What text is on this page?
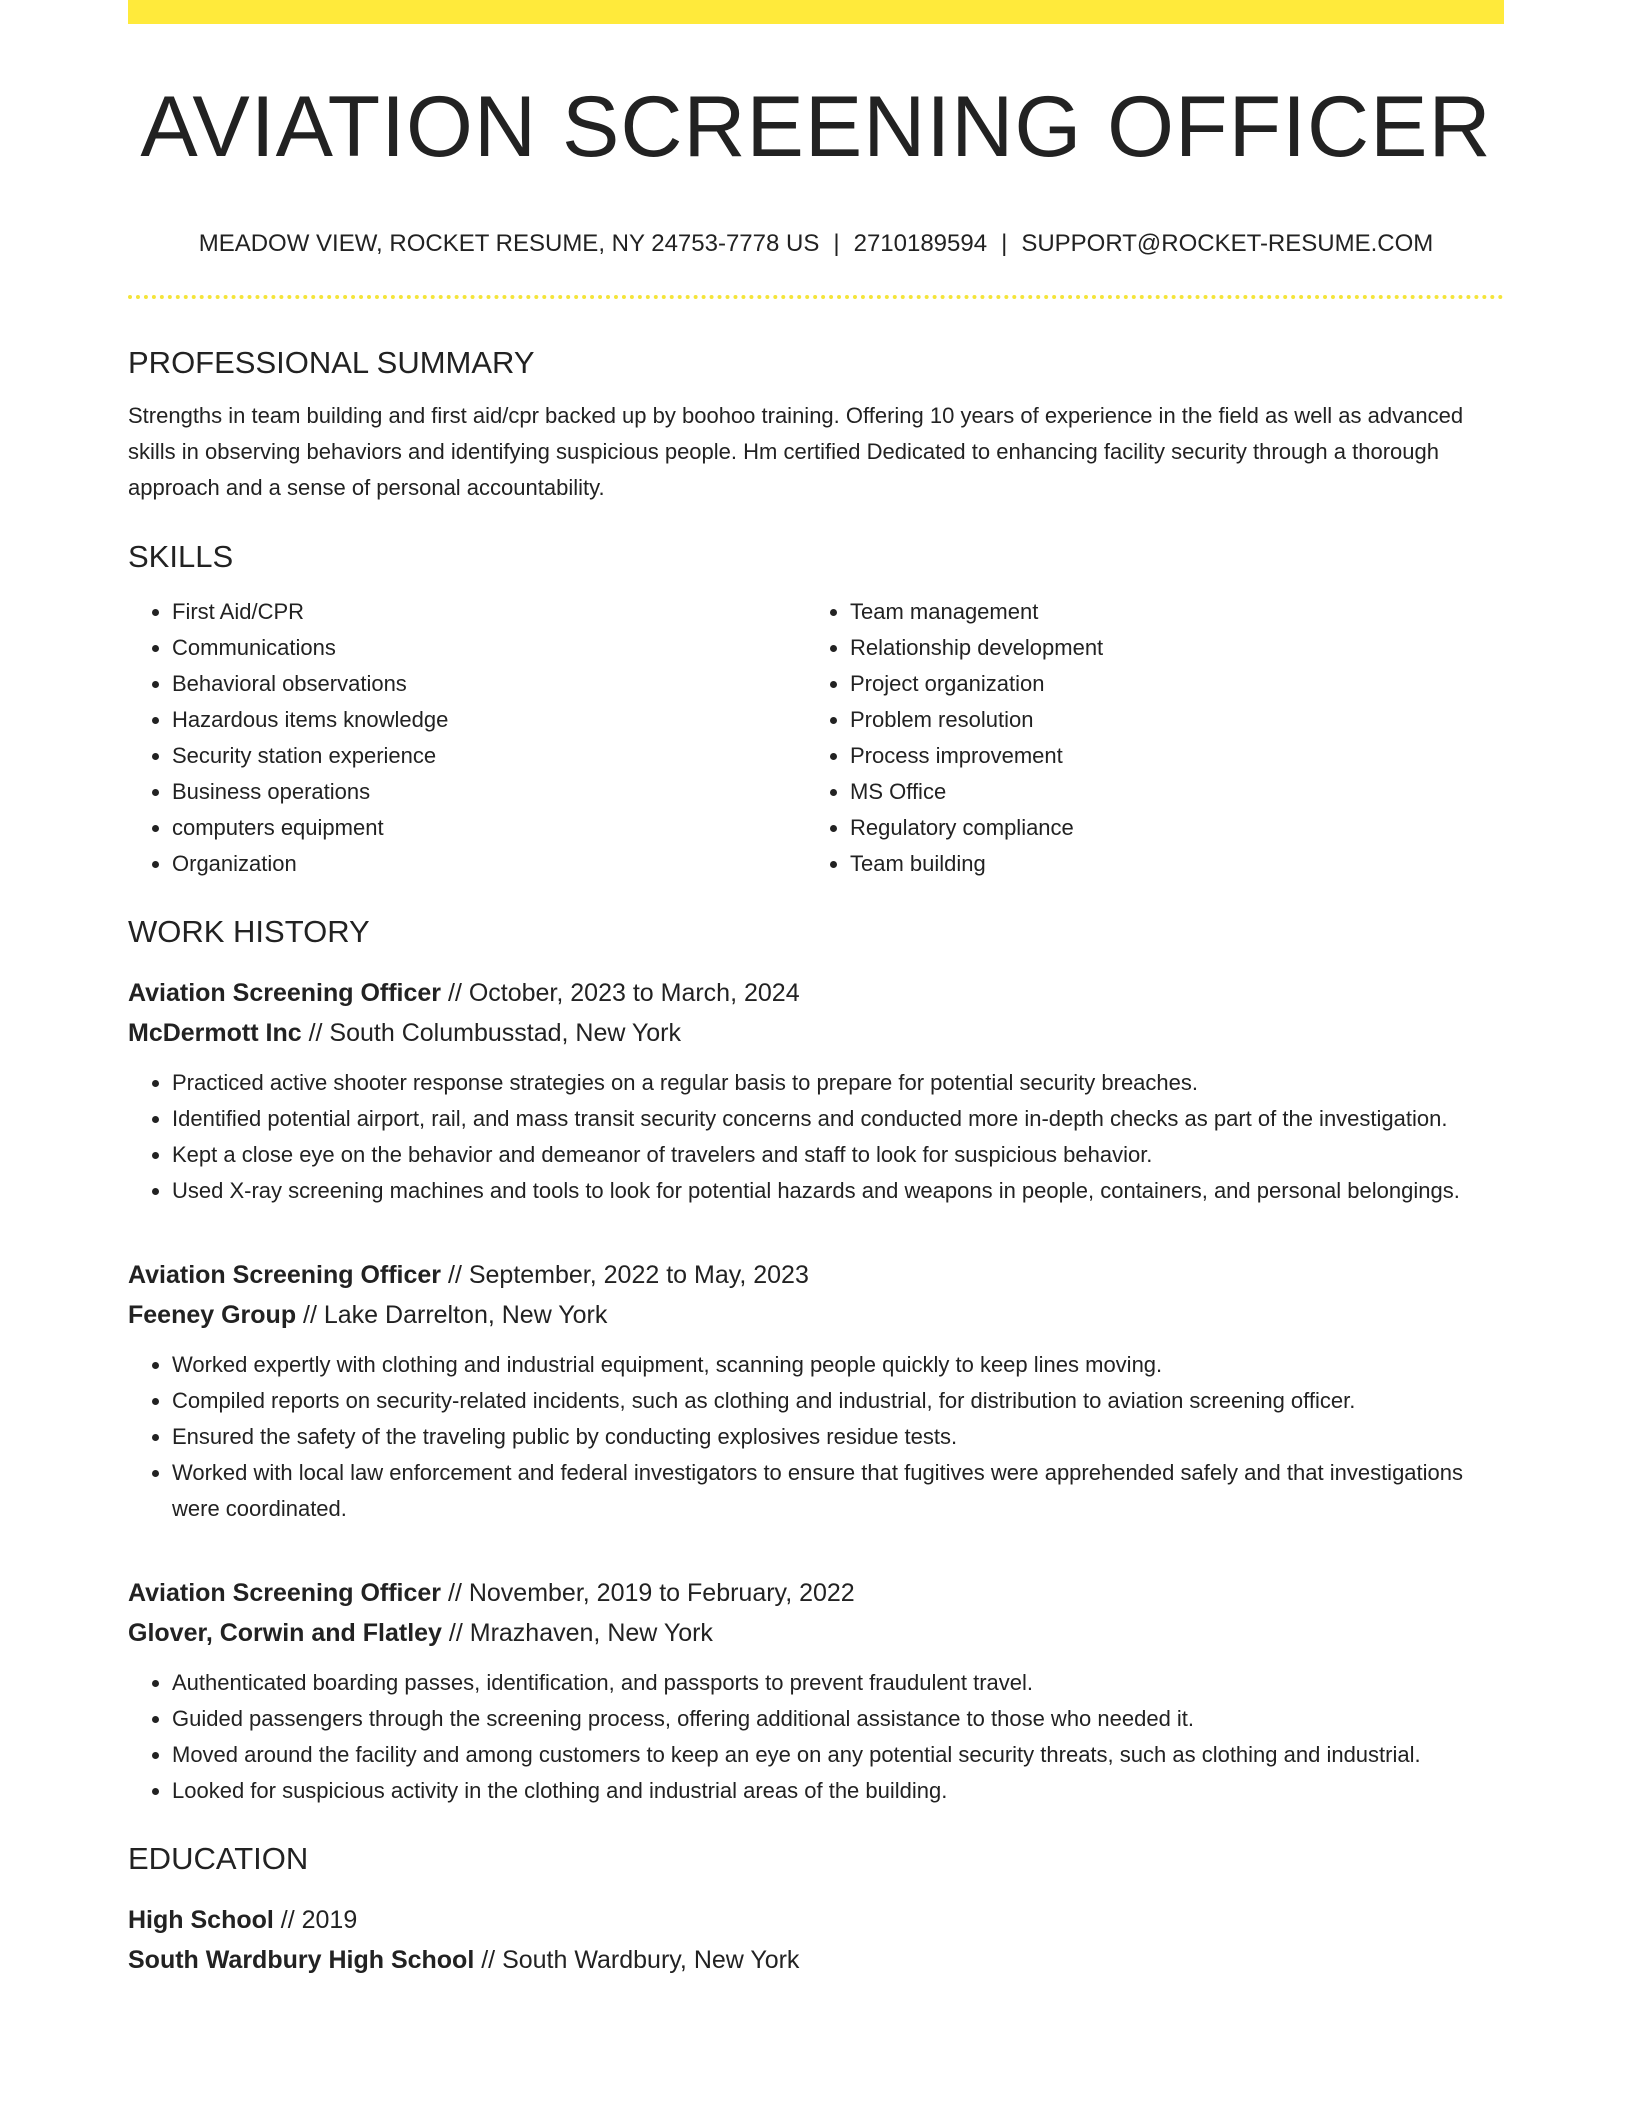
AVIATION SCREENING OFFICER
MEADOW VIEW, ROCKET RESUME, NY 24753-7778 US | 2710189594 | SUPPORT@ROCKET-RESUME.COM
PROFESSIONAL SUMMARY

Strengths in team building and first aid/cpr backed up by boohoo training. Offering 10 years of experience in the field as well as advanced skills in observing behaviors and identifying suspicious people. Hm certified Dedicated to enhancing facility security through a thorough approach and a sense of personal accountability.

SKILLS
• First Aid/CPR
• Communications
• Behavioral observations
• Hazardous items knowledge
• Security station experience
• Business operations
• computers equipment
• Organization
• Team management
• Relationship development
• Project organization
• Problem resolution
• Process improvement
• MS Office
• Regulatory compliance
• Team building
WORK HISTORY
Aviation Screening Officer // October, 2023 to March, 2024
McDermott Inc // South Columbusstad, New York
• Practiced active shooter response strategies on a regular basis to prepare for potential security breaches.
• Identified potential airport, rail, and mass transit security concerns and conducted more in-depth checks as part of the investigation.
• Kept a close eye on the behavior and demeanor of travelers and staff to look for suspicious behavior.
• Used X-ray screening machines and tools to look for potential hazards and weapons in people, containers, and personal belongings.
Aviation Screening Officer // September, 2022 to May, 2023
Feeney Group // Lake Darrelton, New York
• Worked expertly with clothing and industrial equipment, scanning people quickly to keep lines moving.
• Compiled reports on security-related incidents, such as clothing and industrial, for distribution to aviation screening officer.
• Ensured the safety of the traveling public by conducting explosives residue tests.
• Worked with local law enforcement and federal investigators to ensure that fugitives were apprehended safely and that investigations were coordinated.
Aviation Screening Officer // November, 2019 to February, 2022
Glover, Corwin and Flatley // Mrazhaven, New York
• Authenticated boarding passes, identification, and passports to prevent fraudulent travel.
• Guided passengers through the screening process, offering additional assistance to those who needed it.
• Moved around the facility and among customers to keep an eye on any potential security threats, such as clothing and industrial.
• Looked for suspicious activity in the clothing and industrial areas of the building.
EDUCATION
High School // 2019
South Wardbury High School // South Wardbury, New York
